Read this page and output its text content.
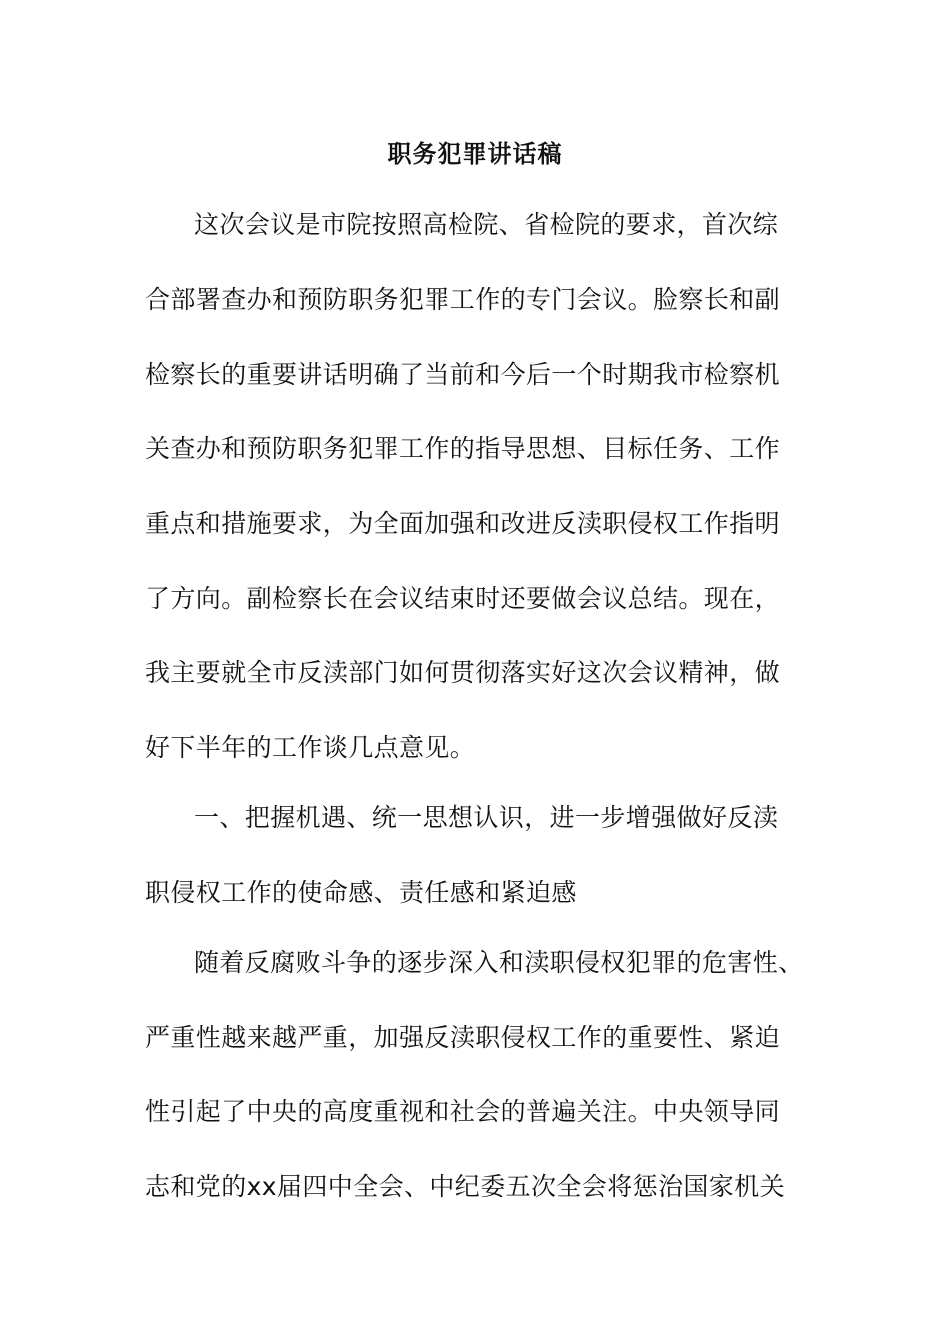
职务犯罪讲话稿
这次会议是市院按照高检院、省检院的要求，首次综
合部署查办和预防职务犯罪工作的专门会议。脸察长和副
检察长的重要讲话明确了当前和今后一个时期我市检察机
关查办和预防职务犯罪工作的指导思想、目标任务、工作
重点和措施要求，为全面加强和改进反渎职侵权工作指明
了方向。副检察长在会议结束时还要做会议总结。现在，
我主要就全市反渎部门如何贯彻落实好这次会议精神，做
好下半年的工作谈几点意见。
一、把握机遇、统一思想认识，进一步增强做好反渎
职侵权工作的使命感、责任感和紧迫感
随着反腐败斗争的逐步深入和渎职侵权犯罪的危害性、
严重性越来越严重，加强反渎职侵权工作的重要性、紧迫
性引起了中央的高度重视和社会的普遍关注。中央领导同
志和党的xx届四中全会、中纪委五次全会将惩治国家机关
